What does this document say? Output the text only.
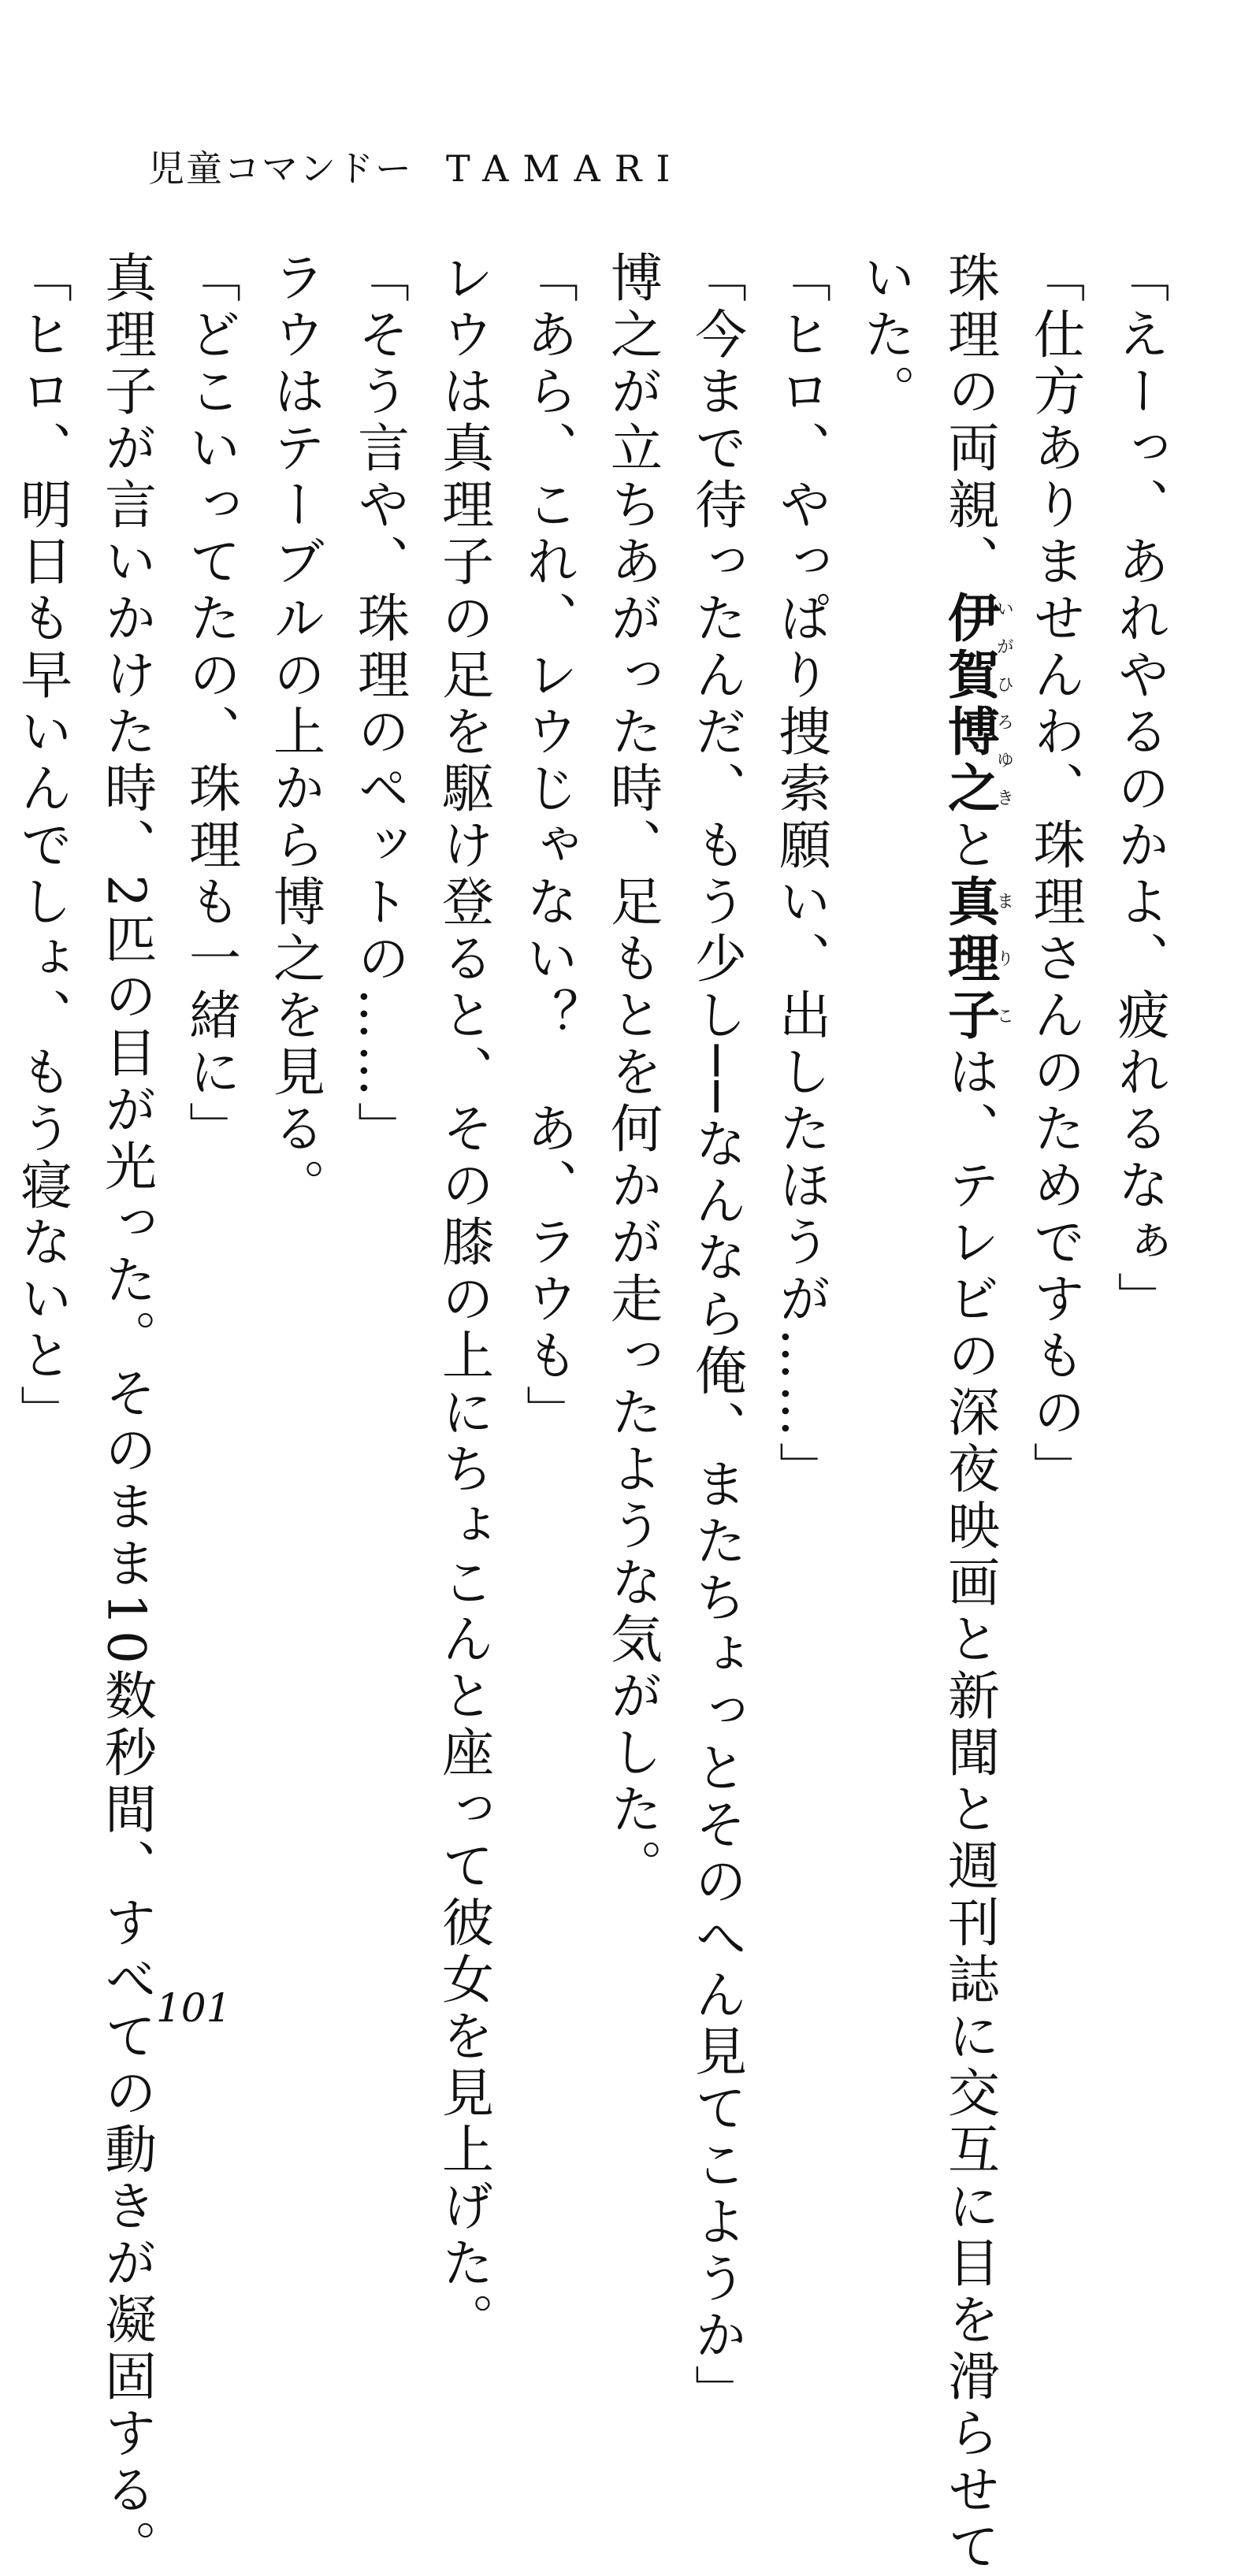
児童コマンドー TAMARI
「えーっ、あれやるのかよ、疲れるなぁ」
「仕方ありませんわ、珠理さんのためですもの」
珠理の両親、伊賀博之いがひろゆきと真理子まりこは、テレビの深夜映画と新聞と週刊誌に交互に目を滑らせて
いた。
「ヒロ、やっぱり捜索願い、出したほうが……」
「今まで待ったんだ、もう少し──なんなら俺、またちょっとそのへん見てこようか」
博之が立ちあがった時、足もとを何かが走ったような気がした。
「あら、これ、レウじゃない？　あ、ラウも」
レウは真理子の足を駆け登ると、その膝の上にちょこんと座って彼女を見上げた。
「そう言や、珠理のペットの……」
ラウはテーブルの上から博之を見る。
「どこいってたの、珠理も一緒に」
真理子が言いかけた時、2匹の目が光った。そのまま10数秒間、すべての動きが凝固する。
「ヒロ、明日も早いんでしょ、もう寝ないと」
101
